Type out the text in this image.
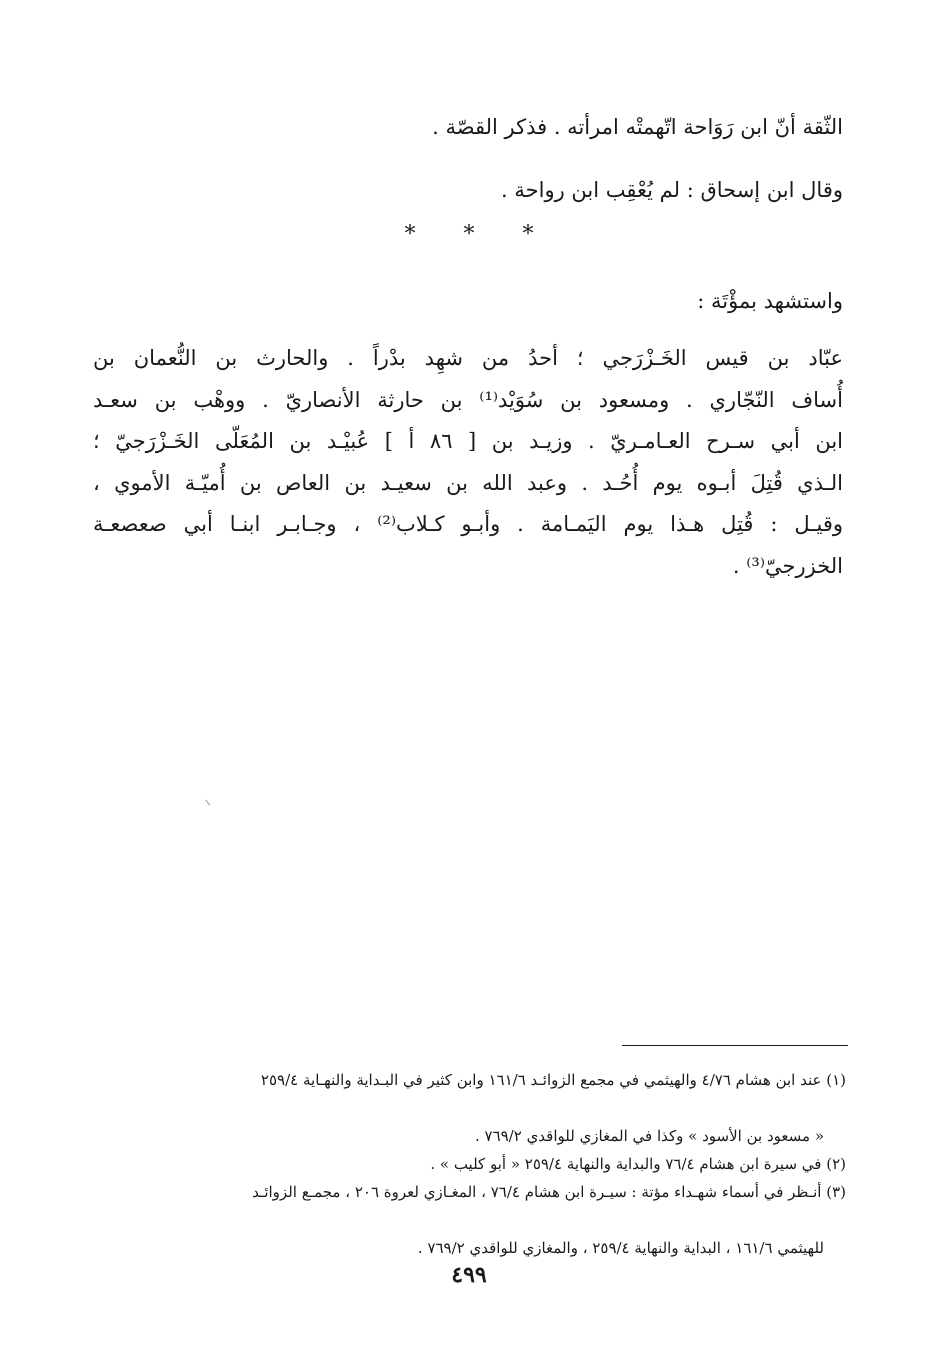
الثّقة أنّ ابن رَوَاحة اتّهمتْه امرأته . فذكر القصّة .
وقال ابن إسحاق : لم يُعْقِب ابن رواحة .
* * *
واستشهد بمؤْتَة :
عبّاد بن قيس الخَـزْرَجي ؛ أحدُ من شهِد بدْراً . والحارث بن النُّعمان بن
أُساف النّجّاري . ومسعود بن سُوَيْد⁽¹⁾ بن حارثة الأنصاريّ . ووهْب بن سعـد
ابن أبي سـرح العـامـريّ . وزيـد بن [ ٨٦ أ ] عُبيْـد بن المُعَلّى الخَـزْرَجيّ ؛
الـذي قُتِلَ أبـوه يوم أُحُـد . وعبد الله بن سعيـد بن العاص بن أُميّـة الأموي ،
وقيـل : قُتِل هـذا يوم اليَمـامة . وأبـو كـلاب⁽²⁾ ، وجـابـر ابنـا أبي صعصعـة
الخزرجيّ⁽³⁾ .
(١) عند ابن هشام ٤/٧٦ والهيثمي في مجمع الزوائـد ١٦١/٦ وابن كثير في البـداية والنهـاية ٢٥٩/٤

« مسعود بن الأسود » وكذا في المغازي للواقدي ٧٦٩/٢ .
(٢) في سيرة ابن هشام ٧٦/٤ والبداية والنهاية ٢٥٩/٤ « أبو كليب » .
(٣) أنـظر في أسماء شهـداء مؤتة : سيـرة ابن هشام ٧٦/٤ ، المغـازي لعروة ٢٠٦ ، مجمـع الزوائـد

للهيثمي ١٦١/٦ ، البداية والنهاية ٢٥٩/٤ ، والمغازي للواقدي ٧٦٩/٢ .
٤٩٩
